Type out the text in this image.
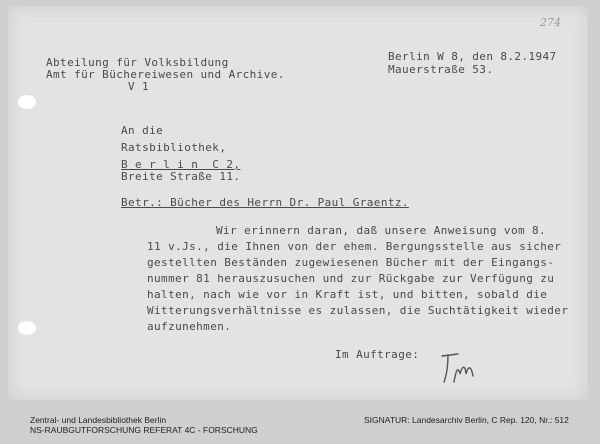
274
Abteilung für Volksbildung
Amt für Büchereiwesen und Archive.
V 1
Berlin W 8, den 8.2.1947
Mauerstraße 53.
An die
Ratsbibliothek,
B e r l i n  C 2,
Breite Straße 11.
Betr.: Bücher des Herrn Dr. Paul Graentz.
Wir erinnern daran, daß unsere Anweisung vom 8.
11 v.Js., die Ihnen von der ehem. Bergungsstelle aus sicher
gestellten Beständen zugewiesenen Bücher mit der Eingangs-
nummer 81 herauszusuchen und zur Rückgabe zur Verfügung zu
halten, nach wie vor in Kraft ist, und bitten, sobald die
Witterungsverhältnisse es zulassen, die Suchtätigkeit wieder
aufzunehmen.
Im Auftrage:
Zentral- und Landesbibliothek Berlin
NS-RAUBGUTFORSCHUNG REFERAT 4C - FORSCHUNG
SIGNATUR: Landesarchiv Berlin, C Rep. 120, Nr.: 512
